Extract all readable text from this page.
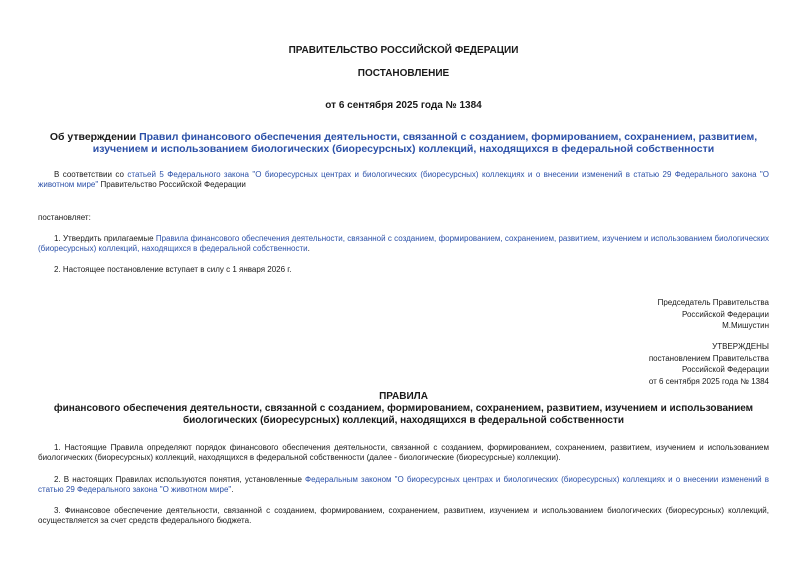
ПРАВИТЕЛЬСТВО РОССИЙСКОЙ ФЕДЕРАЦИИ
ПОСТАНОВЛЕНИЕ
от 6 сентября 2025 года № 1384
Об утверждении Правил финансового обеспечения деятельности, связанной с созданием, формированием, сохранением, развитием, изучением и использованием биологических (биоресурсных) коллекций, находящихся в федеральной собственности
В соответствии со статьей 5 Федерального закона "О биоресурсных центрах и биологических (биоресурсных) коллекциях и о внесении изменений в статью 29 Федерального закона "О животном мире" Правительство Российской Федерации
постановляет:
1. Утвердить прилагаемые Правила финансового обеспечения деятельности, связанной с созданием, формированием, сохранением, развитием, изучением и использованием биологических (биоресурсных) коллекций, находящихся в федеральной собственности.
2. Настоящее постановление вступает в силу с 1 января 2026 г.
Председатель Правительства
Российской Федерации
М.Мишустин
УТВЕРЖДЕНЫ
постановлением Правительства
Российской Федерации
от 6 сентября 2025 года № 1384
ПРАВИЛА
финансового обеспечения деятельности, связанной с созданием, формированием, сохранением, развитием, изучением и использованием биологических (биоресурсных) коллекций, находящихся в федеральной собственности
1. Настоящие Правила определяют порядок финансового обеспечения деятельности, связанной с созданием, формированием, сохранением, развитием, изучением и использованием биологических (биоресурсных) коллекций, находящихся в федеральной собственности (далее - биологические (биоресурсные) коллекции).
2. В настоящих Правилах используются понятия, установленные Федеральным законом "О биоресурсных центрах и биологических (биоресурсных) коллекциях и о внесении изменений в статью 29 Федерального закона "О животном мире".
3. Финансовое обеспечение деятельности, связанной с созданием, формированием, сохранением, развитием, изучением и использованием биологических (биоресурсных) коллекций, осуществляется за счет средств федерального бюджета.
